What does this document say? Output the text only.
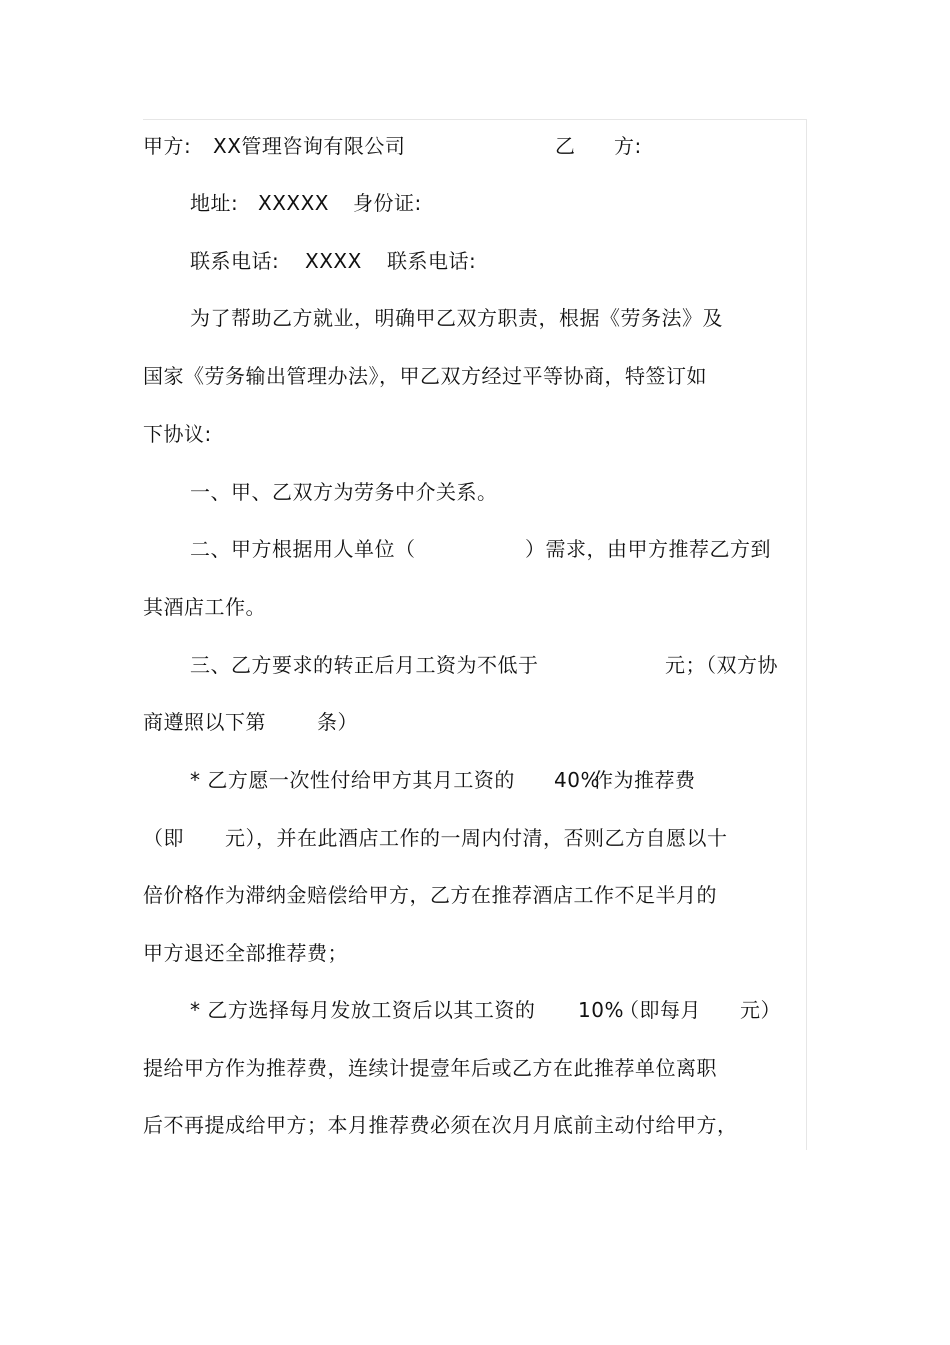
甲方: XX管理咨询有限公司	乙 方:
地址: XXXXX 身份证:
联系电话: XXXX 联系电话:
为了帮助乙方就业，明确甲乙双方职责，根据《劳务法》及
国家《劳务输出管理办法》，甲乙双方经过平等协商，特签订如
下协议:
一、甲、乙双方为劳务中介关系。
二、甲方根据用人单位（	）需求，由甲方推荐乙方到
其酒店工作。
三、乙方要求的转正后月工资为不低于	元；（双方协
商遵照以下第	条）
* 乙方愿一次性付给甲方其月工资的 40%
作为推荐费
（即 元），并在此酒店工作的一周内付清，否则乙方自愿以十
倍价格作为滞纳金赔偿给甲方，乙方在推荐酒店工作不足半月的
甲方退还全部推荐费；
* 乙方选择每月发放工资后以其工资的 10%
（即每月 元）
提给甲方作为推荐费，连续计提壹年后或乙方在此推荐单位离职
后不再提成给甲方；本月推荐费必须在次月月底前主动付给甲方，
